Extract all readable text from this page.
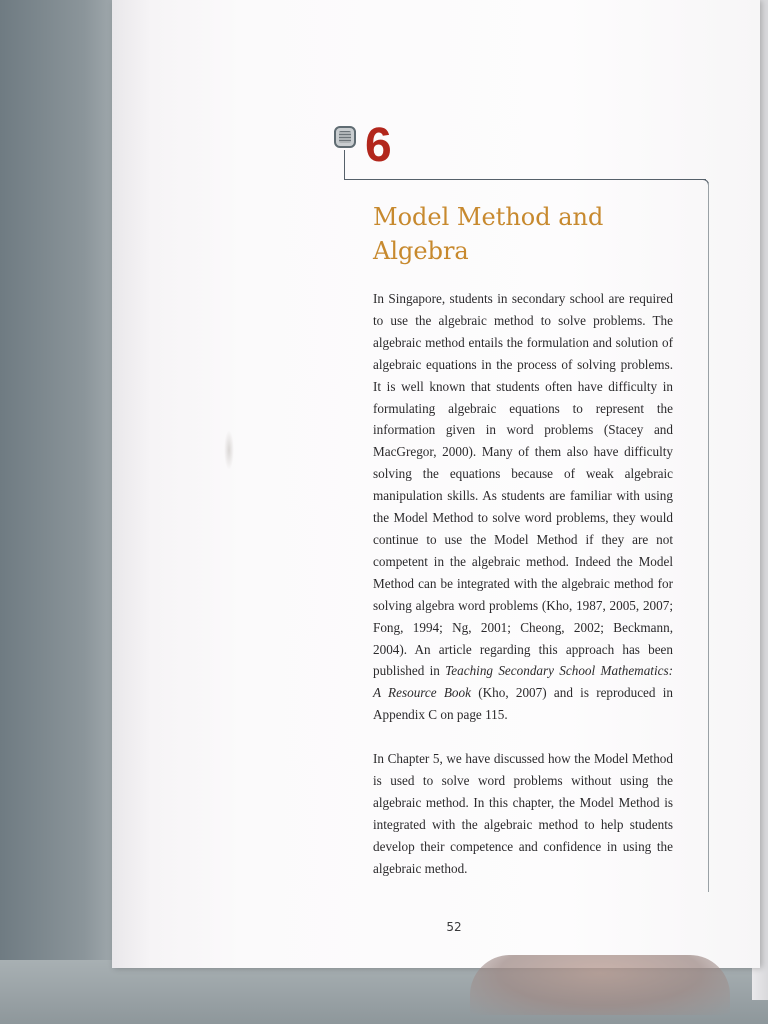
6
Model Method and Algebra

In Singapore, students in secondary school are required to use the algebraic method to solve problems. The algebraic method entails the formulation and solution of algebraic equations in the process of solving problems. It is well known that students often have difficulty in formulating algebraic equations to represent the information given in word problems (Stacey and MacGregor, 2000). Many of them also have difficulty solving the equations because of weak algebraic manipulation skills. As students are familiar with using the Model Method to solve word problems, they would continue to use the Model Method if they are not competent in the algebraic method. Indeed the Model Method can be integrated with the algebraic method for solving algebra word problems (Kho, 1987, 2005, 2007; Fong, 1994; Ng, 2001; Cheong, 2002; Beckmann, 2004). An article regarding this approach has been published in Teaching Secondary School Mathematics: A Resource Book (Kho, 2007) and is reproduced in Appendix C on page 115.

In Chapter 5, we have discussed how the Model Method is used to solve word problems without using the algebraic method. In this chapter, the Model Method is integrated with the algebraic method to help students develop their competence and confidence in using the algebraic method.

52
